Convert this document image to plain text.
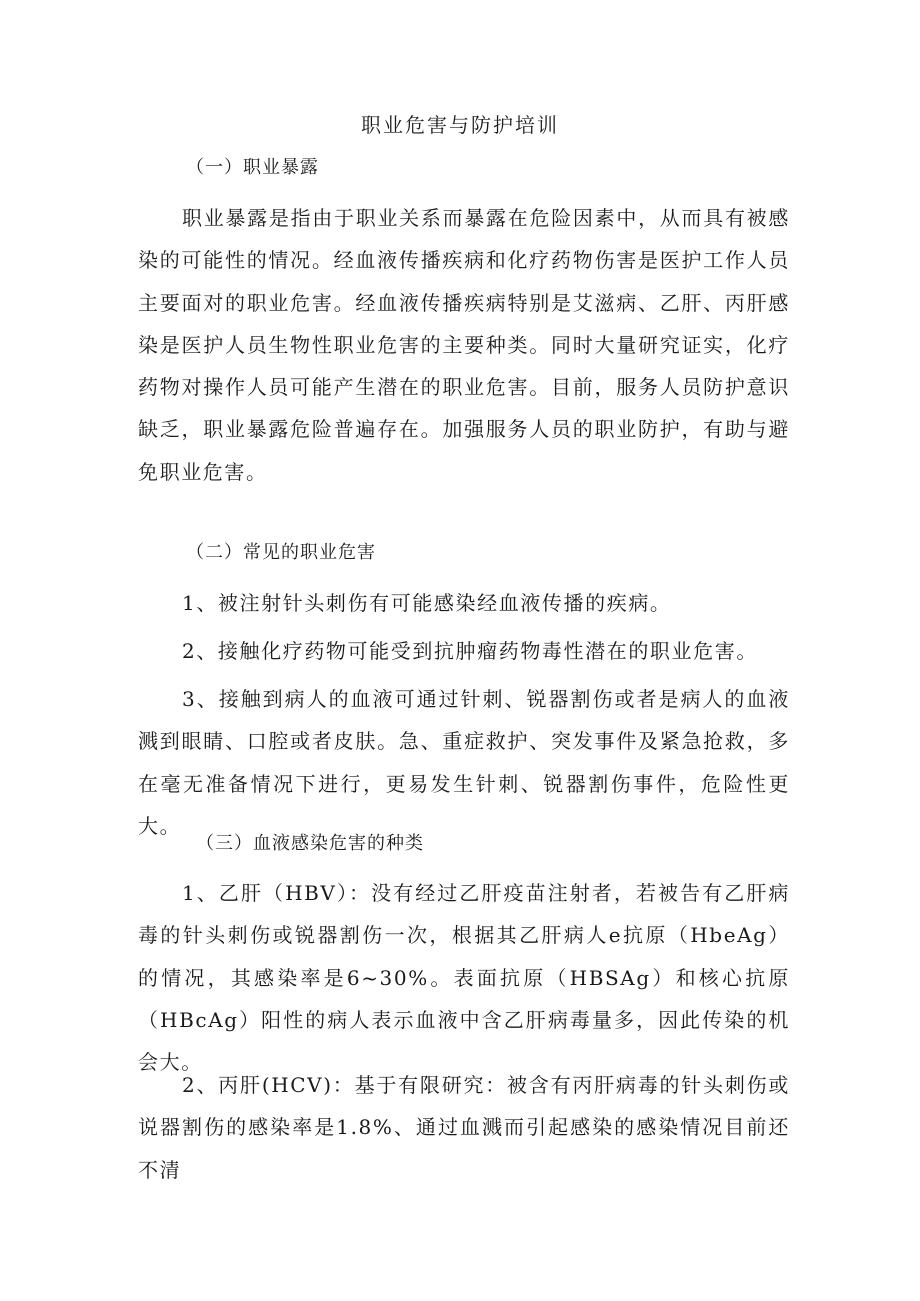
职业危害与防护培训

（一）职业暴露

职业暴露是指由于职业关系而暴露在危险因素中，从而具有被感染的可能性的情况。经血液传播疾病和化疗药物伤害是医护工作人员主要面对的职业危害。经血液传播疾病特别是艾滋病、乙肝、丙肝感染是医护人员生物性职业危害的主要种类。同时大量研究证实，化疗药物对操作人员可能产生潜在的职业危害。目前，服务人员防护意识缺乏，职业暴露危险普遍存在。加强服务人员的职业防护，有助与避免职业危害。

（二）常见的职业危害

1、被注射针头刺伤有可能感染经血液传播的疾病。

2、接触化疗药物可能受到抗肿瘤药物毒性潜在的职业危害。

3、接触到病人的血液可通过针刺、锐器割伤或者是病人的血液溅到眼睛、口腔或者皮肤。急、重症救护、突发事件及紧急抢救，多在毫无准备情况下进行，更易发生针刺、锐器割伤事件，危险性更大。

（三）血液感染危害的种类

1、乙肝（HBV）：没有经过乙肝疫苗注射者，若被告有乙肝病毒的针头刺伤或锐器割伤一次，根据其乙肝病人e抗原（HbeAg）的情况，其感染率是6~30%。表面抗原（HBSAg）和核心抗原（HBcAg）阳性的病人表示血液中含乙肝病毒量多，因此传染的机会大。

2、丙肝(HCV)：基于有限研究：被含有丙肝病毒的针头刺伤或说器割伤的感染率是1.8%、通过血溅而引起感染的感染情况目前还不清
